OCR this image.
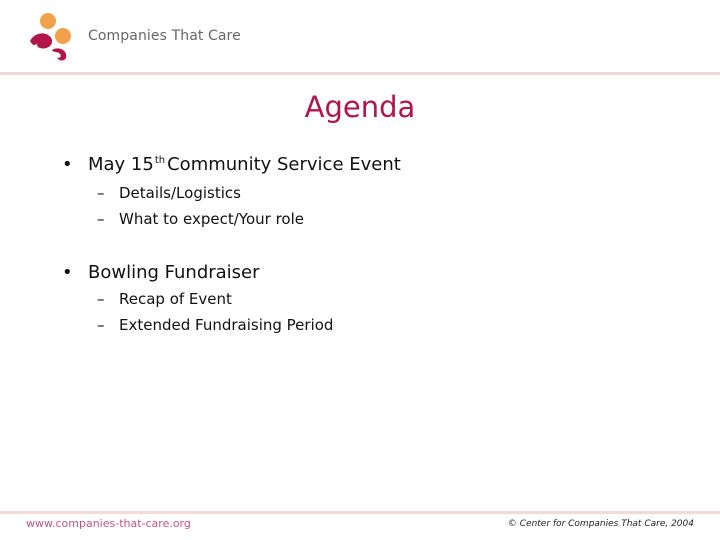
Companies That Care
Agenda
• May 15th Community Service Event
– Details/Logistics
– What to expect/Your role
• Bowling Fundraiser
– Recap of Event
– Extended Fundraising Period
www.companies-that-care.org	© Center for Companies That Care, 2004
